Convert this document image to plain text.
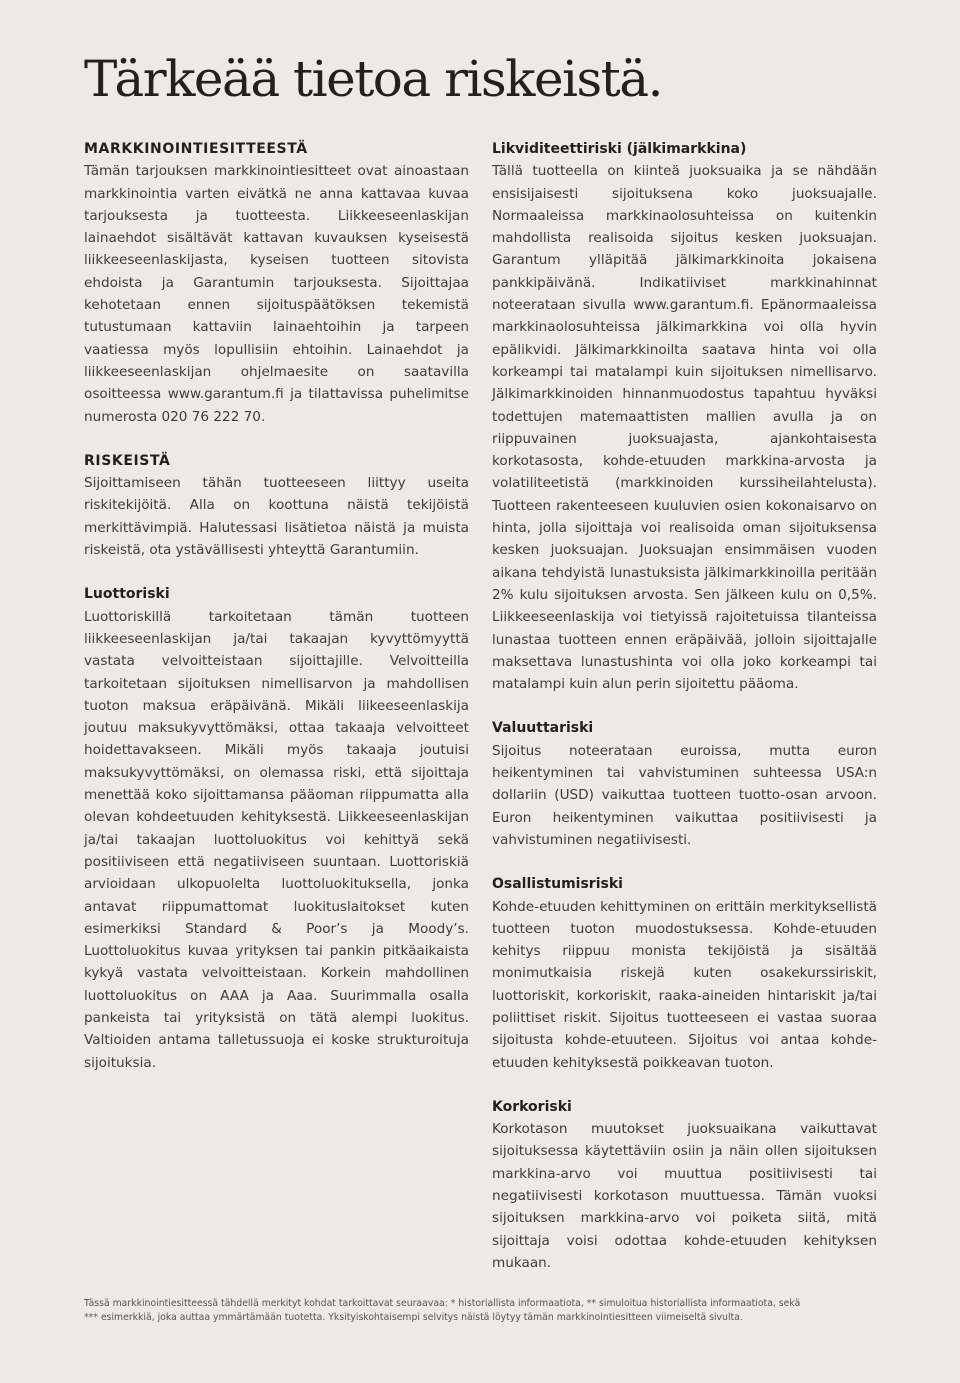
Tärkeää tietoa riskeistä.
MARKKINOINTIESITTEESTÄ

Tämän tarjouksen markkinointiesitteet ovat ainoastaan markkinointia varten eivätkä ne anna kattavaa kuvaa tarjouksesta ja tuotteesta. Liikkeeseenlaskijan lainaehdot sisältävät kattavan kuvauksen kyseisestä liikkeeseenlaskijasta, kyseisen tuotteen sitovista ehdoista ja Garantumin tarjouksesta. Sijoittajaa kehotetaan ennen sijoituspäätöksen tekemistä tutustumaan kattaviin lainaehtoihin ja tarpeen vaatiessa myös lopullisiin ehtoihin. Lainaehdot ja liikkeeseenlaskijan ohjelmaesite on saatavilla osoitteessa www.garantum.fi ja tilattavissa puhelimitse numerosta 020 76 222 70.

RISKEISTÄ

Sijoittamiseen tähän tuotteeseen liittyy useita riskitekijöitä. Alla on koottuna näistä tekijöistä merkittävimpiä. Halutessasi lisätietoa näistä ja muista riskeistä, ota ystävällisesti yhteyttä Garantumiin.

Luottoriski

Luottoriskillä tarkoitetaan tämän tuotteen liikkeeseenlaskijan ja/tai takaajan kyvyttömyyttä vastata velvoitteistaan sijoittajille. Velvoitteilla tarkoitetaan sijoituksen nimellisarvon ja mahdollisen tuoton maksua eräpäivänä. Mikäli liikeeseenlaskija joutuu maksukyvyttömäksi, ottaa takaaja velvoitteet hoidettavakseen. Mikäli myös takaaja joutuisi maksukyvyttömäksi, on olemassa riski, että sijoittaja menettää koko sijoittamansa pääoman riippumatta alla olevan kohdeetuuden kehityksestä. Liikkeeseenlaskijan ja/tai takaajan luottoluokitus voi kehittyä sekä positiiviseen että negatiiviseen suuntaan. Luottoriskiä arvioidaan ulkopuolelta luottoluokituksella, jonka antavat riippumattomat luokituslaitokset kuten esimerkiksi Standard & Poor’s ja Moody’s. Luottoluokitus kuvaa yrityksen tai pankin pitkäaikaista kykyä vastata velvoitteistaan. Korkein mahdollinen luottoluokitus on AAA ja Aaa. Suurimmalla osalla pankeista tai yrityksistä on tätä alempi luokitus. Valtioiden antama talletussuoja ei koske strukturoituja sijoituksia.

Likviditeettiriski (jälkimarkkina)

Tällä tuotteella on kiinteä juoksuaika ja se nähdään ensisijaisesti sijoituksena koko juoksuajalle. Normaaleissa markkinaolosuhteissa on kuitenkin mahdollista realisoida sijoitus kesken juoksuajan. Garantum ylläpitää jälkimarkkinoita jokaisena pankkipäivänä. Indikatiiviset markkinahinnat noteerataan sivulla www.garantum.fi. Epänormaaleissa markkinaolosuhteissa jälkimarkkina voi olla hyvin epälikvidi. Jälkimarkkinoilta saatava hinta voi olla korkeampi tai matalampi kuin sijoituksen nimellisarvo. Jälkimarkkinoiden hinnanmuodostus tapahtuu hyväksi todettujen matemaattisten mallien avulla ja on riippuvainen juoksuajasta, ajankohtaisesta korkotasosta, kohde-etuuden markkina-arvosta ja volatiliteetistä (markkinoiden kurssiheilahtelusta). Tuotteen rakenteeseen kuuluvien osien kokonaisarvo on hinta, jolla sijoittaja voi realisoida oman sijoituksensa kesken juoksuajan. Juoksuajan ensimmäisen vuoden aikana tehdyistä lunastuksista jälkimarkkinoilla peritään 2% kulu sijoituksen arvosta. Sen jälkeen kulu on 0,5%. Liikkeeseenlaskija voi tietyissä rajoitetuissa tilanteissa lunastaa tuotteen ennen eräpäivää, jolloin sijoittajalle maksettava lunastushinta voi olla joko korkeampi tai matalampi kuin alun perin sijoitettu pääoma.

Valuuttariski

Sijoitus noteerataan euroissa, mutta euron heikentyminen tai vahvistuminen suhteessa USA:n dollariin (USD) vaikuttaa tuotteen tuotto-osan arvoon. Euron heikentyminen vaikuttaa positiivisesti ja vahvistuminen negatiivisesti.

Osallistumisriski

Kohde-etuuden kehittyminen on erittäin merkityksellistä tuotteen tuoton muodostuksessa. Kohde-etuuden kehitys riippuu monista tekijöistä ja sisältää monimutkaisia riskejä kuten osakekurssiriskit, luottoriskit, korkoriskit, raaka-aineiden hintariskit ja/tai poliittiset riskit. Sijoitus tuotteeseen ei vastaa suoraa sijoitusta kohde-etuuteen. Sijoitus voi antaa kohde-etuuden kehityksestä poikkeavan tuoton.

Korkoriski

Korkotason muutokset juoksuaikana vaikuttavat sijoituksessa käytettäviin osiin ja näin ollen sijoituksen markkina-arvo voi muuttua positiivisesti tai negatiivisesti korkotason muuttuessa. Tämän vuoksi sijoituksen markkina-arvo voi poiketa siitä, mitä sijoittaja voisi odottaa kohde-etuuden kehityksen mukaan.

Tässä markkinointiesitteessä tähdellä merkityt kohdat tarkoittavat seuraavaa: * historiallista informaatiota, ** simuloitua historiallista informaatiota, sekä

*** esimerkkiä, joka auttaa ymmärtämään tuotetta. Yksityiskohtaisempi selvitys näistä löytyy tämän markkinointiesitteen viimeiseltä sivulta.
